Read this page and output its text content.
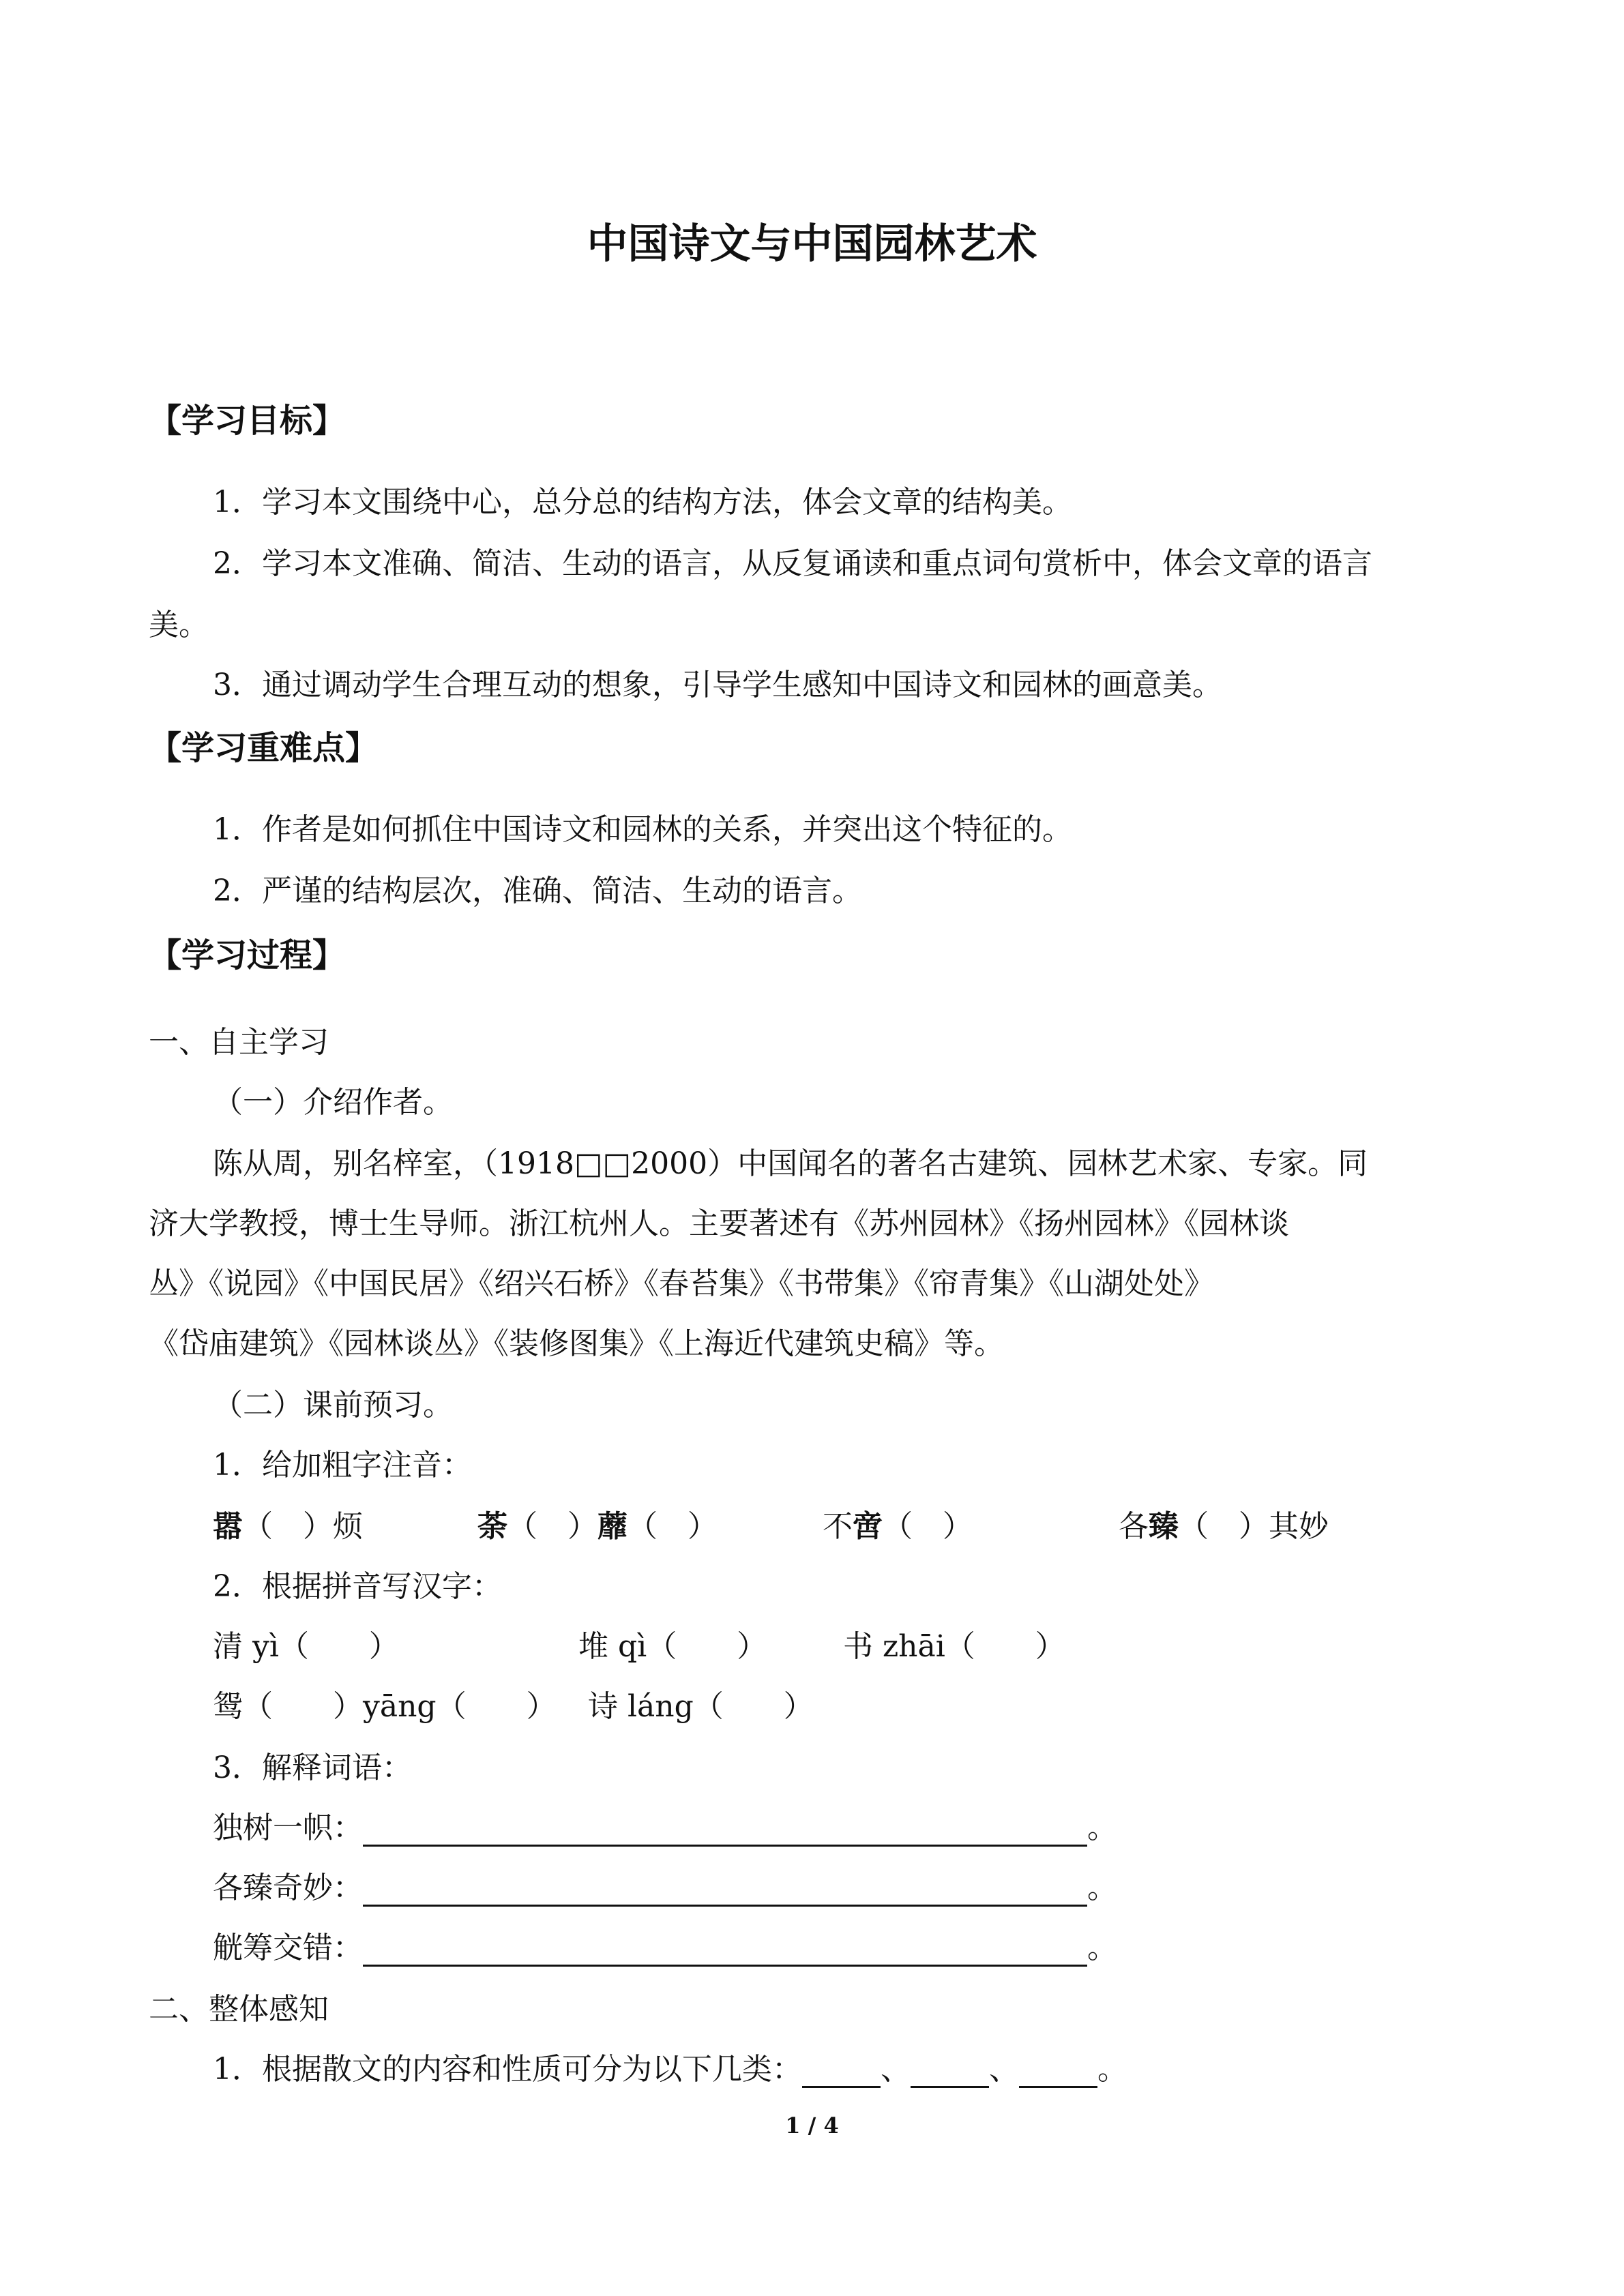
中国诗文与中国园林艺术
【学习目标】
1．学习本文围绕中心，总分总的结构方法，体会文章的结构美。
2．学习本文准确、简洁、生动的语言，从反复诵读和重点词句赏析中，体会文章的语言
美。
3．通过调动学生合理互动的想象，引导学生感知中国诗文和园林的画意美。
【学习重难点】
1．作者是如何抓住中国诗文和园林的关系，并突出这个特征的。
2．严谨的结构层次，准确、简洁、生动的语言。
【学习过程】
一、自主学习
（一）介绍作者。
陈从周，别名梓室，（1918□□2000）中国闻名的著名古建筑、园林艺术家、专家。同
济大学教授，博士生导师。浙江杭州人。主要著述有《苏州园林》《扬州园林》《园林谈
丛》《说园》《中国民居》《绍兴石桥》《春苔集》《书带集》《帘青集》《山湖处处》
《岱庙建筑》《园林谈丛》《装修图集》《上海近代建筑史稿》等。
（二）课前预习。
1．给加粗字注音：
嚣（　）烦	荼（　）蘼（　）	不啻（　）	各臻（　）其妙
2．根据拼音写汉字：
清 yì（　　）	堆 qì（　　）	书 zhāi（　　）
鸳（　　）yāng（　　） 诗 láng（　　）
3．解释词语：
独树一帜：	。
各臻奇妙：	。
觥筹交错：	。
二、整体感知
1．根据散文的内容和性质可分为以下几类：	、	、	。
1 / 4
